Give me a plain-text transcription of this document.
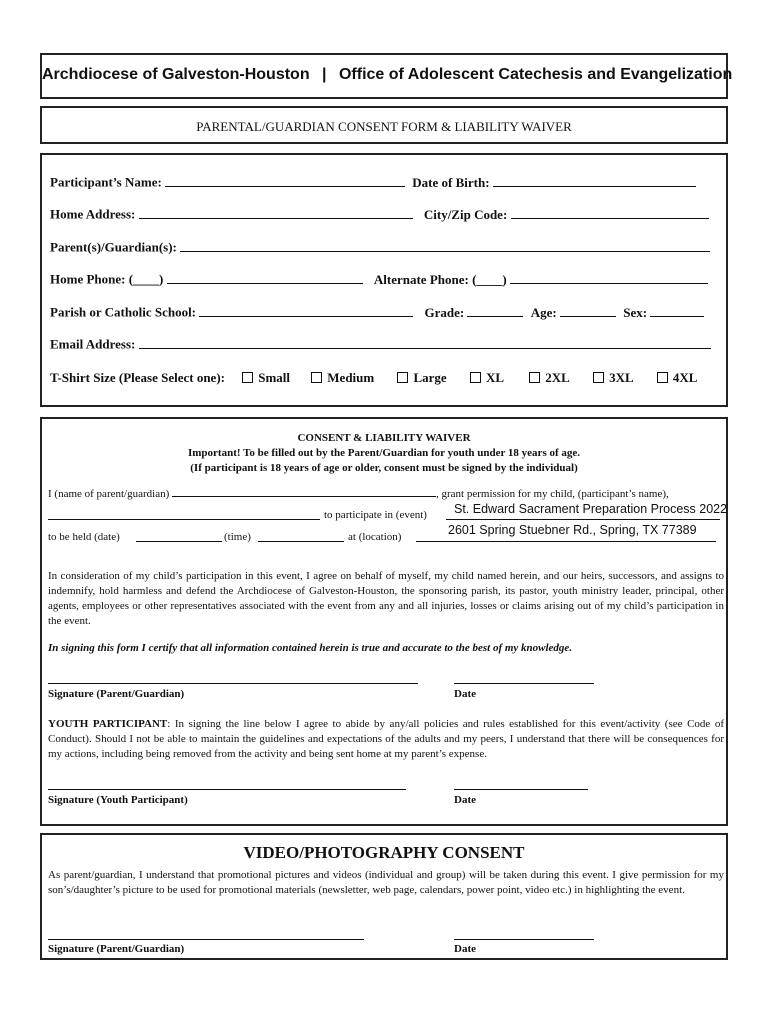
Archdiocese of Galveston-Houston | Office of Adolescent Catechesis and Evangelization
PARENTAL/GUARDIAN CONSENT FORM & LIABILITY WAIVER
Participant’s Name:	Date of Birth:
Home Address:	City/Zip Code:
Parent(s)/Guardian(s):
Home Phone: (____)	Alternate Phone: (____)
Parish or Catholic School:	Grade:	Age:	Sex:
Email Address:
T-Shirt Size (Please Select one):	Small	Medium	Large	XL	2XL	3XL	4XL
CONSENT & LIABILITY WAIVER
Important! To be filled out by the Parent/Guardian for youth under 18 years of age.
(If participant is 18 years of age or older, consent must be signed by the individual)
I (name of parent/guardian)	, grant permission for my child, (participant’s name),
to participate in (event) St. Edward Sacrament Preparation Process 2022
to be held (date)	(time)	at (location)	2601 Spring Stuebner Rd., Spring, TX 77389
In consideration of my child’s participation in this event, I agree on behalf of myself, my child named herein, and our heirs, successors, and assigns to indemnify, hold harmless and defend the Archdiocese of Galveston-Houston, the sponsoring parish, its pastor, youth ministry leader, principal, other agents, employees or other representatives associated with the event from any and all injuries, losses or claims arising out of my child’s participation in the event.
In signing this form I certify that all information contained herein is true and accurate to the best of my knowledge.
Signature (Parent/Guardian)	Date
YOUTH PARTICIPANT: In signing the line below I agree to abide by any/all policies and rules established for this event/activity (see Code of Conduct). Should I not be able to maintain the guidelines and expectations of the adults and my peers, I understand that there will be consequences for my actions, including being removed from the activity and being sent home at my parent’s expense.
Signature (Youth Participant)	Date
VIDEO/PHOTOGRAPHY CONSENT
As parent/guardian, I understand that promotional pictures and videos (individual and group) will be taken during this event. I give permission for my son’s/daughter’s picture to be used for promotional materials (newsletter, web page, calendars, power point, video etc.) in highlighting the event.
Signature (Parent/Guardian)	Date
